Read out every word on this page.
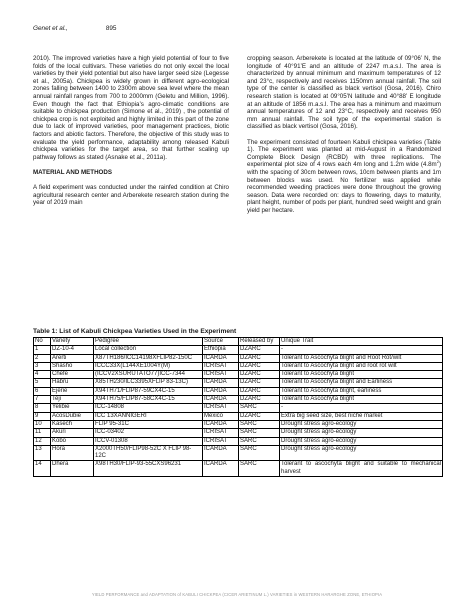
Genet et al.,	895

2010). The improved varieties have a high yield potential of four to five folds of the local cultivars. These varieties do not only excel the local varieties by their yield potential but also have larger seed size (Legesse et al., 2005a). Chickpea is widely grown in different agro-ecological zones falling between 1400 to 2300m above sea level where the mean annual rainfall ranges from 700 to 2000mm (Geletu and Million, 1996). Even though the fact that Ethiopia’s agro-climatic conditions are suitable to chickpea production (Simone et al., 2019) , the potential of chickpea crop is not exploited and highly limited in this part of the zone due to lack of improved varieties, poor management practices, biotic factors and abiotic factors. Therefore, the objective of this study was to evaluate the yield performance, adaptability among released Kabuli chickpea varieties for the target area, so that further scaling up pathway follows as stated (Asnake et al., 2011a).

MATERIAL AND METHODS

A field experiment was conducted under the rainfed condition at Chiro agricultural research center and Arberekete research station during the year of 2019 main

cropping season. Arberekete is located at the latitude of 09°06’ N, the longitude of 40°91’E and an altitude of 2247 m.a.s.l. The area is characterized by annual minimum and maximum temperatures of 12 and 23°c, respectively and receives 1150mm annual rainfall. The soil type of the center is classified as black vertisol (Gosa, 2016). Chiro research station is located at 09°05’N latitude and 40°88’ E longitude at an altitude of 1856 m.a.s.l. The area has a minimum and maximum annual temperatures of 12 and 23°C, respectively and receives 950 mm annual rainfall. The soil type of the experimental station is classified as black vertisol (Gosa, 2016).

The experiment consisted of fourteen Kabuli chickpea varieties (Table 1). The experiment was planted at mid-August in a Randomized Complete Block Design (RCBD) with three replications. The experimental plot size of 4 rows each 4m long and 1.2m wide $(4.8m^2)$ with the spacing of 30cm between rows, 10cm between plants and 1m between blocks was used. No fertilizer was applied while recommended weeding practices were done throughout the growing season. Data were recorded on: days to flowering, days to maturity, plant height, number of pods per plant, hundred seed weight and grain yield per hectare.

Table 1: List of Kabuli Chickpea Varieties Used in the Experiment
No	Variety	Pedigree	Source	Released by	Unique Trait
1	DZ-10-4	Local collection	Ethiopia	DZARC	-
2	Arerti	X87TH186/ICC14198XFLIP82-150C	ICARDA	DZARC	Tolerant to Ascochyta blight and Root Rot/wilt
3	Shasho	ICCC33X(L144XE1004Y(M)	ICRISAT	DZARC	Tolerant to Ascochyta blight and root rot wilt
4	Chefe	(ICCV2XSURUTATO77)ICC-7344	ICRISAT	DZARC	Tolerant to Ascochyta blight
5	Habru	X85TH230/ILC3395XFLIP 83-13C)	ICARDA	DZARC	Tolerant to Ascochyta blight and Earliness
6	Ejerie	X94TH71/FLIP87-59CX4C-15	ICARDA	DZARC	Tolerant to Ascochyta blight, earliness
7	Teji	X94TH75/FLIP87-58CX4C-15	ICARDA	DZARC	Tolerant to Ascochyta blight
8	Yelibie	ICC-14808	ICRISAT	SARC	-
9	AcosDubie	ICC 13XANNIGERI	Mexico	DZARC	Extra big seed size, best niche market
10	Kasech	FLIP 95-31C	ICARDA	SARC	Drought stress agro-ecology
11	Akuri	ICC-03402	ICRISAT	SARC	Drought stress agro-ecology
12	Kobo	ICCV-01308	ICRISAT	SARC	Drought stress agro-ecology
13	Hora	X2000TH50/FLIP98-52C X FLIP 98-12C	ICARDA	SARC	Drought stress agro-ecology
14	Dhera	X98TH30/FLIP-93-55CXS96231	ICARDA	SARC	Tolerant to ascochyta blight and suitable to mechanical harvest
YIELD PERFORMANCE and ADAPTATION of KABULI CHICKPEA (CICER ARIETINUM L.) VARIETIES in WESTERN HARARGHE ZONE, ETHIOPIA
